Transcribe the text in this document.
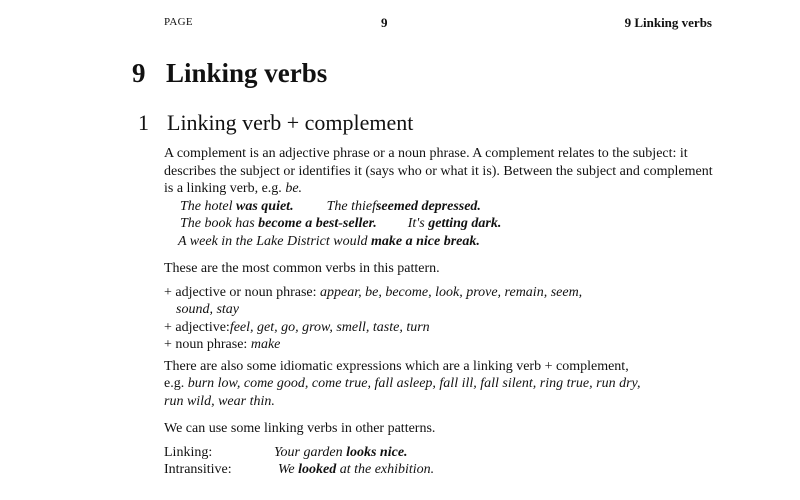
PAGE	9	9 Linking verbs
9 Linking verbs
1 Linking verb + complement

A complement is an adjective phrase or a noun phrase. A complement relates to the subject: it describes the subject or identifies it (says who or what it is). Between the subject and complement is a linking verb, e.g. be.

The hotel was quiet. The thiefseemed depressed.

The book has become a best-seller. It's getting dark.

A week in the Lake District would make a nice break.

These are the most common verbs in this pattern.

+ adjective or noun phrase: appear, be, become, look, prove, remain, seem,

sound, stay

+ adjective:feel, get, go, grow, smell, taste, turn

+ noun phrase: make

There are also some idiomatic expressions which are a linking verb + complement,
e.g. burn low, come good, come true, fall asleep, fall ill, fall silent, ring true, run dry,
run wild, wear thin.

We can use some linking verbs in other patterns.

Linking:	Your garden looks nice.

Intransitive:	We looked at the exhibition.
